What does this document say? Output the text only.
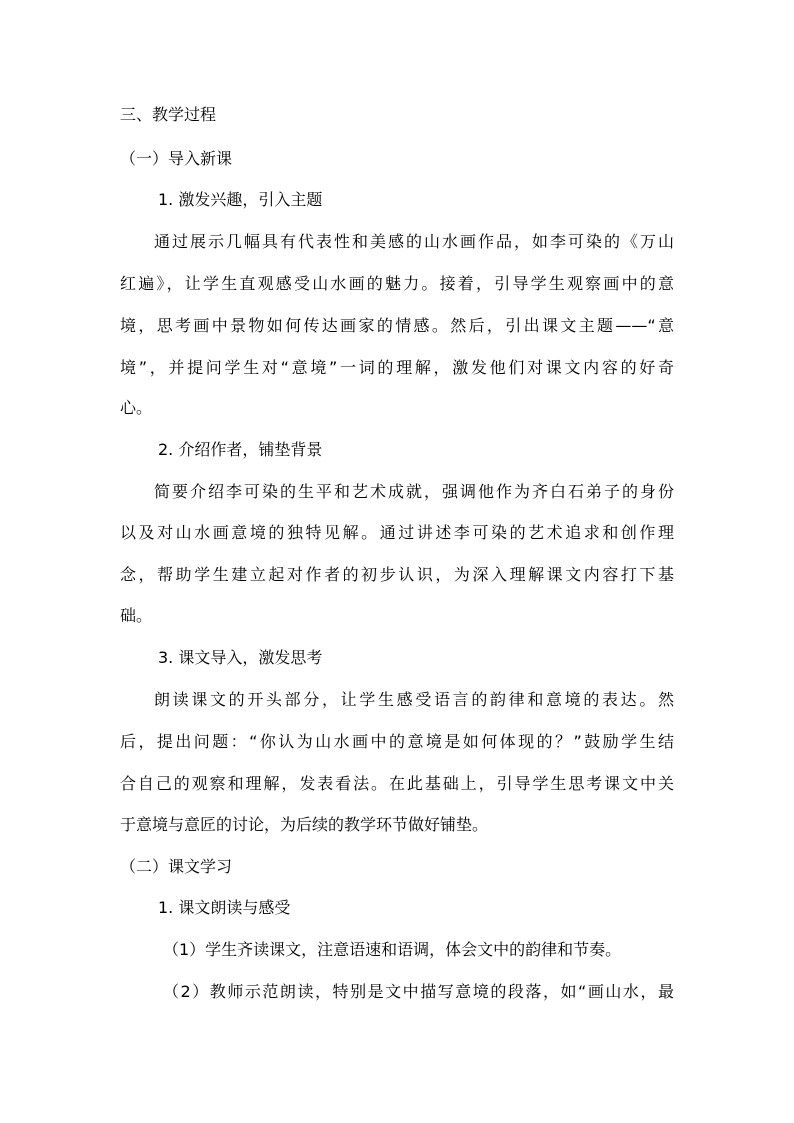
三、教学过程
（一）导入新课
1. 激发兴趣，引入主题
通过展示几幅具有代表性和美感的山水画作品，如李可染的《万山
红遍》，让学生直观感受山水画的魅力。接着，引导学生观察画中的意
境，思考画中景物如何传达画家的情感。然后，引出课文主题——“意
境”，并提问学生对“意境”一词的理解，激发他们对课文内容的好奇
心。
2. 介绍作者，铺垫背景
简要介绍李可染的生平和艺术成就，强调他作为齐白石弟子的身份
以及对山水画意境的独特见解。通过讲述李可染的艺术追求和创作理
念，帮助学生建立起对作者的初步认识，为深入理解课文内容打下基
础。
3. 课文导入，激发思考
朗读课文的开头部分，让学生感受语言的韵律和意境的表达。然
后，提出问题：“你认为山水画中的意境是如何体现的？”鼓励学生结
合自己的观察和理解，发表看法。在此基础上，引导学生思考课文中关
于意境与意匠的讨论，为后续的教学环节做好铺垫。
（二）课文学习
1. 课文朗读与感受
（1）学生齐读课文，注意语速和语调，体会文中的韵律和节奏。
（2）教师示范朗读，特别是文中描写意境的段落，如“画山水，最
